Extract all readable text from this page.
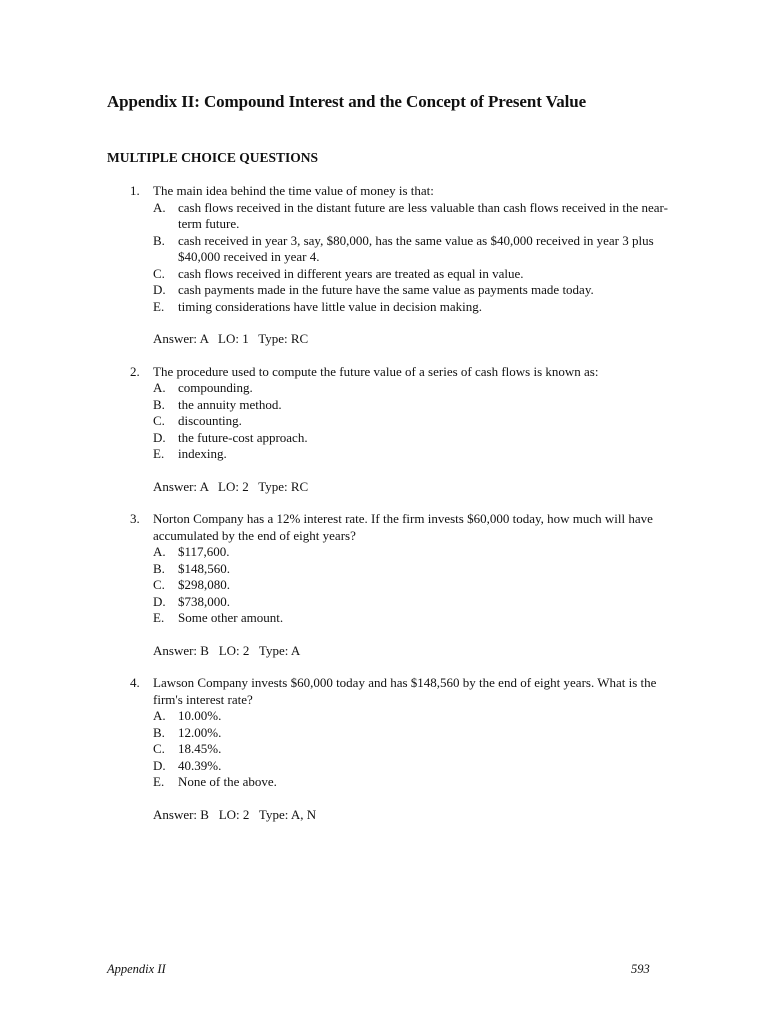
Appendix II: Compound Interest and the Concept of Present Value
MULTIPLE CHOICE QUESTIONS
1. The main idea behind the time value of money is that:
A. cash flows received in the distant future are less valuable than cash flows received in the near-term future.
B. cash received in year 3, say, $80,000, has the same value as $40,000 received in year 3 plus $40,000 received in year 4.
C. cash flows received in different years are treated as equal in value.
D. cash payments made in the future have the same value as payments made today.
E. timing considerations have little value in decision making.
Answer: A   LO: 1   Type: RC
2. The procedure used to compute the future value of a series of cash flows is known as:
A. compounding.
B. the annuity method.
C. discounting.
D. the future-cost approach.
E. indexing.
Answer: A   LO: 2   Type: RC
3. Norton Company has a 12% interest rate. If the firm invests $60,000 today, how much will have accumulated by the end of eight years?
A. $117,600.
B. $148,560.
C. $298,080.
D. $738,000.
E. Some other amount.
Answer: B   LO: 2   Type: A
4. Lawson Company invests $60,000 today and has $148,560 by the end of eight years. What is the firm's interest rate?
A. 10.00%.
B. 12.00%.
C. 18.45%.
D. 40.39%.
E. None of the above.
Answer: B   LO: 2   Type: A, N
Appendix II	593
